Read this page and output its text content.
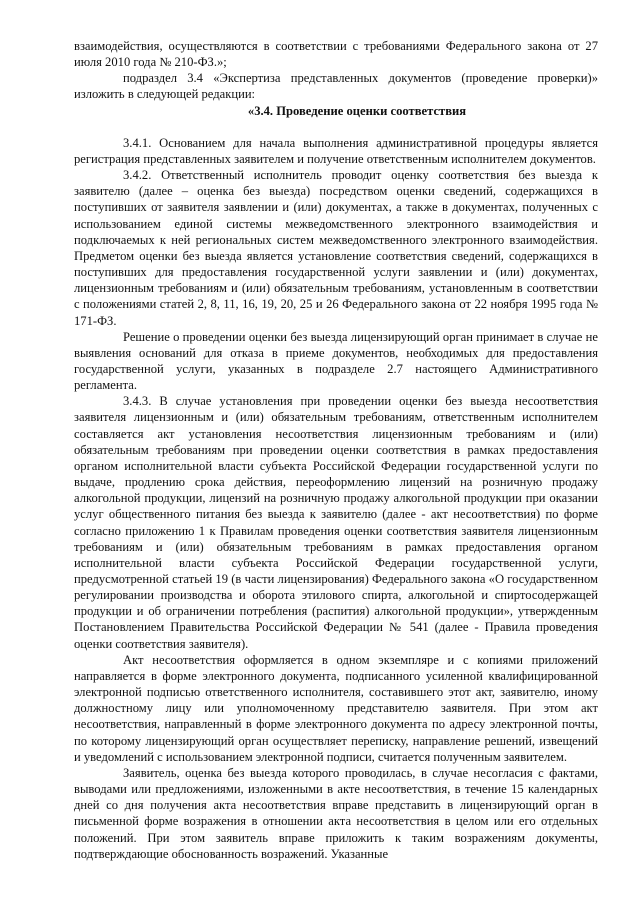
взаимодействия, осуществляются в соответствии с требованиями Федерального закона от 27 июля 2010 года № 210-ФЗ.»;

подраздел 3.4 «Экспертиза представленных документов (проведение проверки)» изложить в следующей редакции:

«3.4. Проведение оценки соответствия

3.4.1. Основанием для начала выполнения административной процедуры является регистрация представленных заявителем и получение ответственным исполнителем документов.

3.4.2. Ответственный исполнитель проводит оценку соответствия без выезда к заявителю (далее – оценка без выезда) посредством оценки сведений, содержащихся в поступивших от заявителя заявлении и (или) документах, а также в документах, полученных с использованием единой системы межведомственного электронного взаимодействия и подключаемых к ней региональных систем межведомственного электронного взаимодействия. Предметом оценки без выезда является установление соответствия сведений, содержащихся в поступивших для предоставления государственной услуги заявлении и (или) документах, лицензионным требованиям и (или) обязательным требованиям, установленным в соответствии с положениями статей 2, 8, 11, 16, 19, 20, 25 и 26 Федерального закона от 22 ноября 1995 года № 171-ФЗ.

Решение о проведении оценки без выезда лицензирующий орган принимает в случае не выявления оснований для отказа в приеме документов, необходимых для предоставления государственной услуги, указанных в подразделе 2.7 настоящего Административного регламента.

3.4.3. В случае установления при проведении оценки без выезда несоответствия заявителя лицензионным и (или) обязательным требованиям, ответственным исполнителем составляется акт установления несоответствия лицензионным требованиям и (или) обязательным требованиям при проведении оценки соответствия в рамках предоставления органом исполнительной власти субъекта Российской Федерации государственной услуги по выдаче, продлению срока действия, переоформлению лицензий на розничную продажу алкогольной продукции, лицензий на розничную продажу алкогольной продукции при оказании услуг общественного питания без выезда к заявителю (далее - акт несоответствия) по форме согласно приложению 1 к Правилам проведения оценки соответствия заявителя лицензионным требованиям и (или) обязательным требованиям в рамках предоставления органом исполнительной власти субъекта Российской Федерации государственной услуги, предусмотренной статьей 19 (в части лицензирования) Федерального закона «О государственном регулировании производства и оборота этилового спирта, алкогольной и спиртосодержащей продукции и об ограничении потребления (распития) алкогольной продукции», утвержденным Постановлением Правительства Российской Федерации № 541 (далее - Правила проведения оценки соответствия заявителя).

Акт несоответствия оформляется в одном экземпляре и с копиями приложений направляется в форме электронного документа, подписанного усиленной квалифицированной электронной подписью ответственного исполнителя, составившего этот акт, заявителю, иному должностному лицу или уполномоченному представителю заявителя. При этом акт несоответствия, направленный в форме электронного документа по адресу электронной почты, по которому лицензирующий орган осуществляет переписку, направление решений, извещений и уведомлений с использованием электронной подписи, считается полученным заявителем.

Заявитель, оценка без выезда которого проводилась, в случае несогласия с фактами, выводами или предложениями, изложенными в акте несоответствия, в течение 15 календарных дней со дня получения акта несоответствия вправе представить в лицензирующий орган в письменной форме возражения в отношении акта несоответствия в целом или его отдельных положений. При этом заявитель вправе приложить к таким возражениям документы, подтверждающие обоснованность возражений. Указанные
